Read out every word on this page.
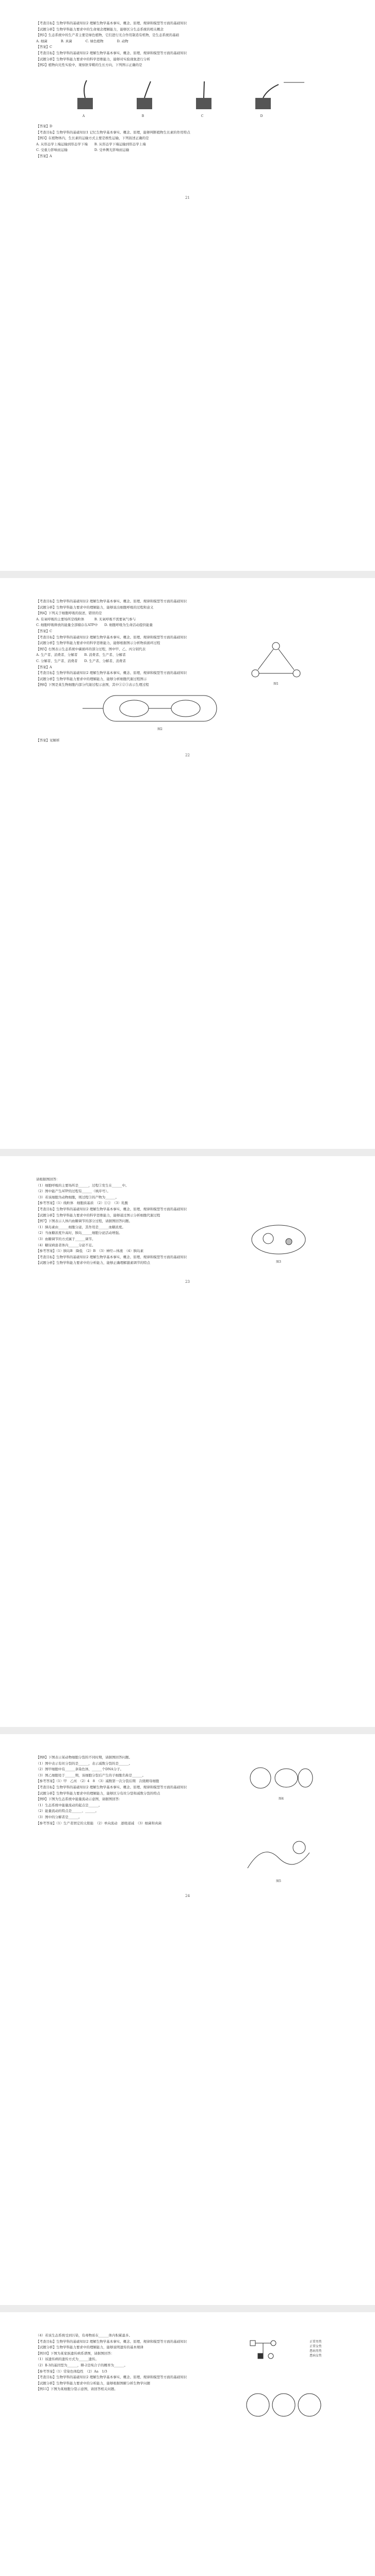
【考查目标】生物学科的基础知识2 理解生物学基本事实、概念、原理、规律和模型等方面的基础知识

【试题分析】生物学科能力要求中的生命观念理解能力，能够区分生态系统的相关概念

【例1】生态系统中的生产者主要是绿色植物，它们进行光合作用制造有机物，是生态系统的基础

A. 细菌　　　　B. 真菌　　　　C. 绿色植物　　　　D. 动物

【答案】C

【考查目标】生物学科的基础知识2 理解生物学基本事实、概念、原理、规律和模型等方面的基础知识

【试题分析】生物学科能力要求中的科学思维能力，能够对实验现象进行分析

【例2】植物向光性实验中，观察胚芽鞘的生长方向，下列图示正确的是

A	B	C	D

【答案】D

【考查目标】生物学科的基础知识1 记忆生物学基本事实、概念、原理，能够判断植物生长素的作用特点

【例3】在植物体内，生长素的运输方式主要是极性运输，下列叙述正确的是

A. 从形态学上端运输到形态学下端　　B. 从形态学下端运输到形态学上端

C. 受重力影响而运输　　　　　　　　D. 受单侧光影响而运输

【答案】A

21

【考查目标】生物学科的基础知识2 理解生物学基本事实、概念、原理、规律和模型等方面的基础知识

【试题分析】生物学科能力要求中的理解能力，能够说出细胞呼吸的过程和意义

【例4】下列关于细胞呼吸的叙述，错误的是

A. 有氧呼吸的主要场所是线粒体　　　B. 无氧呼吸不需要氧气参与

C. 细胞呼吸释放的能量全部储存在ATP中　　D. 细胞呼吸为生命活动提供能量

【答案】C

【考查目标】生物学科的基础知识2 理解生物学基本事实、概念、原理、规律和模型等方面的基础知识

【试题分析】生物学科能力要求中的科学思维能力，能够根据图示分析物质循环过程

【例5】右图表示生态系统中碳循环的部分过程，图中甲、乙、丙分别代表

A. 生产者、消费者、分解者　　B. 消费者、生产者、分解者

C. 分解者、生产者、消费者　　D. 生产者、分解者、消费者

【答案】A

【考查目标】生物学科的基础知识2 理解生物学基本事实、概念、原理、规律和模型等方面的基础知识

【试题分析】生物学科能力要求中的理解能力，能够分析细胞代谢过程图示

【例6】下图是某生物细胞内部分代谢过程示意图，其中①②③表示生理过程	图1
图2

【答案】见解析

22

请根据图回答：

（1）细胞呼吸的主要场所是______，过程①发生在______中。

（2）图中能产生ATP的过程有______（填序号）。

（3）若该细胞为动物细胞，则过程③的产物为______。

【参考答案】（1）线粒体　细胞质基质　（2）①②　（3）乳酸

【考查目标】生物学科的基础知识2 理解生物学基本事实、概念、原理、规律和模型等方面的基础知识

【试题分析】生物学科能力要求中的科学思维能力，能够通过图示分析细胞代谢过程

【例7】下图表示人体内血糖调节的部分过程，请据图回答问题。

（1）胰岛素由______细胞分泌，其作用是______血糖浓度。

（2）当血糖浓度升高时，胰岛______细胞分泌活动增强。

（3）血糖调节的方式属于______调节。

（4）糖尿病患者体内______分泌不足。

【参考答案】（1）胰岛B　降低　（2）B　（3）神经—体液　（4）胰岛素

【考查目标】生物学科的基础知识2 理解生物学基本事实、概念、原理、规律和模型等方面的基础知识

【试题分析】生物学科能力要求中的分析能力，能够正确理解激素调节的特点	图3
23

【例8】下图表示某动物细胞分裂的不同时期，请据图回答问题。

（1）图中表示有丝分裂的是______，表示减数分裂的是______。

（2）图甲细胞中有______条染色体，______个DNA分子。

（3）图乙细胞处于______期，该细胞分裂后产生的子细胞名称是______。

【参考答案】（1）甲　乙丙　（2）4　8　（3）减数第一次分裂后期　次级精母细胞

【考查目标】生物学科的基础知识2 理解生物学基本事实、概念、原理、规律和模型等方面的基础知识

【试题分析】生物学科能力要求中的理解能力，能够区分有丝分裂和减数分裂的特点

【例9】下图为生态系统中能量流动示意图，请据图回答：

（1）生态系统中能量流动的起点是______。

（2）能量流动的特点是______、______。

（3）图中的分解者是______。

【参考答案】（1）生产者固定的太阳能　（2）单向流动　逐级递减　（3）细菌和真菌

图4
图5
24

（4）若该生态系统受到污染，有毒物质在______体内积累最多。

【考查目标】生物学科的基础知识2 理解生物学基本事实、概念、原理、规律和模型等方面的基础知识

【试题分析】生物学科能力要求中的理解能力，能够说明遗传的基本规律

【例10】下图为某家族遗传病系谱图，请据图回答：

（1）该遗传病的遗传方式为______遗传。

（2）Ⅱ-3的基因型为______，Ⅲ-2是纯合子的概率为______。

【参考答案】（1）常染色体隐性　（2）Aa　1/3

【考查目标】生物学科的基础知识2 理解生物学基本事实、概念、原理、规律和模型等方面的基础知识

【试题分析】生物学科能力要求中的分析能力，能够根据图解分析生物学问题

【例11】下图为某细胞分裂示意图，请回答相关问题。

正常男性
正常女性
患病男性
患病女性
